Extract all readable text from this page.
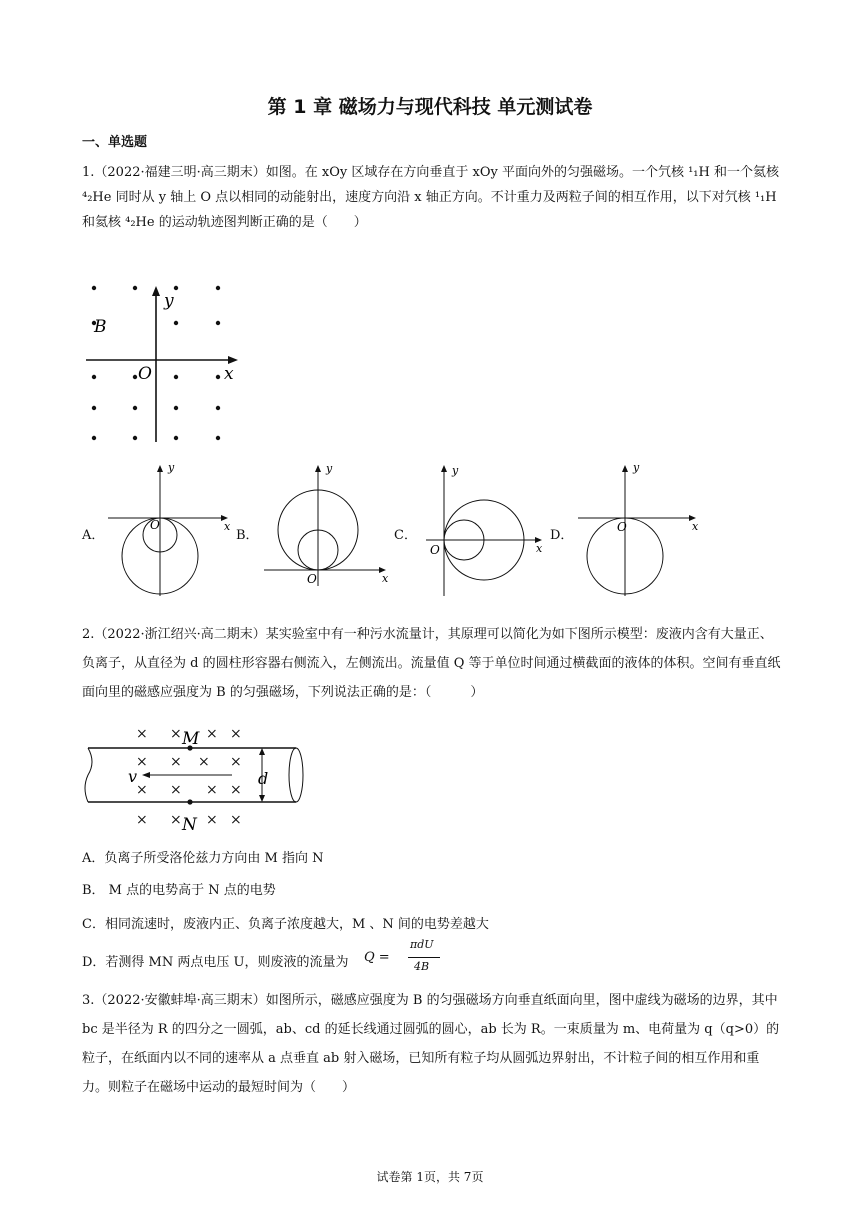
第 1 章 磁场力与现代科技 单元测试卷
一、单选题
1.（2022·福建三明·高三期末）如图。在 xOy 区域存在方向垂直于 xOy 平面向外的匀强磁场。一个氕核 ¹₁H 和一个氦核 ⁴₂He 同时从 y 轴上 O 点以相同的动能射出，速度方向沿 x 轴正方向。不计重力及两粒子间的相互作用，以下对氕核 ¹₁H 和氦核 ⁴₂He 的运动轨迹图判断正确的是（　　）
B
y
O	x
A．
y
O	x
B．
y
O	x
C．
y
O	x
D．
y
O	x
2.（2022·浙江绍兴·高二期末）某实验室中有一种污水流量计，其原理可以简化为如下图所示模型：废液内含有大量正、负离子，从直径为 d 的圆柱形容器右侧流入，左侧流出。流量值 Q 等于单位时间通过横截面的液体的体积。空间有垂直纸面向里的磁感应强度为 B 的匀强磁场，下列说法正确的是：（　　　）
× × × ×
× × × ×
× × × ×
× × × ×
M
N
v	d
A．负离子所受洛伦兹力方向由 M 指向 N
B． M 点的电势高于 N 点的电势
C．相同流速时，废液内正、负离子浓度越大，M 、N 间的电势差越大
D．若测得 MN 两点电压 U，则废液的流量为 Q =
πdU
4B
3.（2022·安徽蚌埠·高三期末）如图所示，磁感应强度为 B 的匀强磁场方向垂直纸面向里，图中虚线为磁场的边界，其中 bc 是半径为 R 的四分之一圆弧，ab、cd 的延长线通过圆弧的圆心，ab 长为 R。一束质量为 m、电荷量为 q（q>0）的粒子，在纸面内以不同的速率从 a 点垂直 ab 射入磁场，已知所有粒子均从圆弧边界射出，不计粒子间的相互作用和重力。则粒子在磁场中运动的最短时间为（　　）
试卷第 1页，共 7页
